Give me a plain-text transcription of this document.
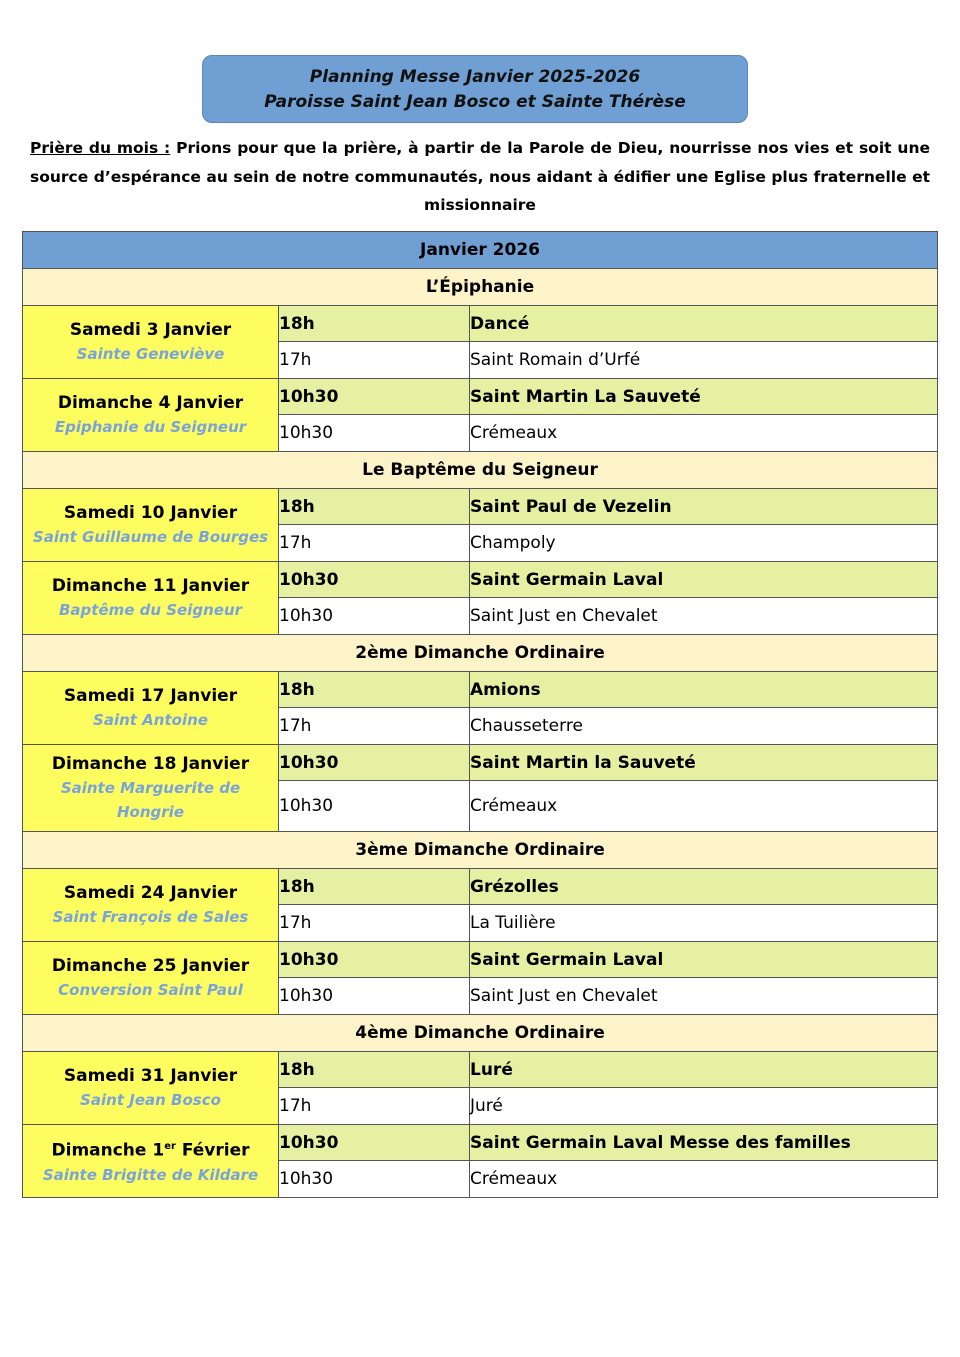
Planning Messe Janvier 2025-2026
Paroisse Saint Jean Bosco et Sainte Thérèse
Prière du mois : Prions pour que la prière, à partir de la Parole de Dieu, nourrisse nos vies et soit une source d’espérance au sein de notre communautés, nous aidant à édifier une Eglise plus fraternelle et missionnaire
Janvier 2026		
L’Épiphanie		

Samedi 3 Janvier
Sainte Geneviève	18h	Dancé
	17h	Saint Romain d’Urfé

Dimanche 4 Janvier
Epiphanie du Seigneur	10h30	Saint Martin La Sauveté
	10h30	Crémeaux
Le Baptême du Seigneur		

Samedi 10 Janvier
Saint Guillaume de Bourges	18h	Saint Paul de Vezelin
	17h	Champoly

Dimanche 11 Janvier
Baptême du Seigneur	10h30	Saint Germain Laval
	10h30	Saint Just en Chevalet
2ème Dimanche Ordinaire		

Samedi 17 Janvier
Saint Antoine	18h	Amions
	17h	Chausseterre

Dimanche 18 Janvier
Sainte Marguerite de Hongrie	10h30	Saint Martin la Sauveté
	10h30	Crémeaux
3ème Dimanche Ordinaire		

Samedi 24 Janvier
Saint François de Sales	18h	Grézolles
	17h	La Tuilière

Dimanche 25 Janvier
Conversion Saint Paul	10h30	Saint Germain Laval
	10h30	Saint Just en Chevalet
4ème Dimanche Ordinaire		

Samedi 31 Janvier
Saint Jean Bosco	18h	Luré
	17h	Juré

Dimanche 1er Février
Sainte Brigitte de Kildare	10h30	Saint Germain Laval Messe des familles
	10h30	Crémeaux
